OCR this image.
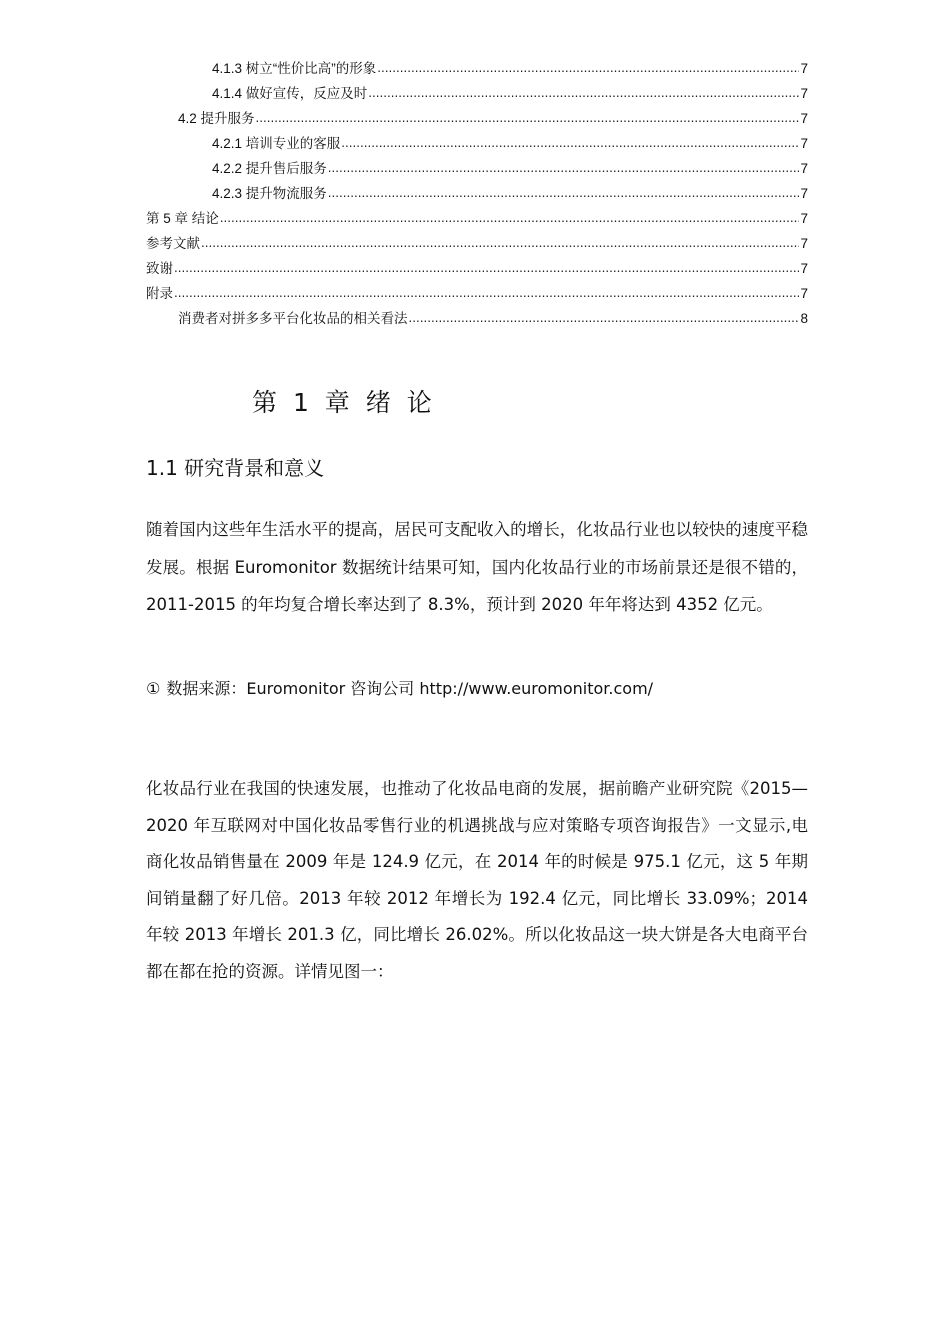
4.1.3 树立“性价比高”的形象 .....	7
4.1.4 做好宣传，反应及时 .....	7
4.2 提升服务 .....	7
4.2.1 培训专业的客服 .....	7
4.2.2 提升售后服务 .....	7
4.2.3 提升物流服务 .....	7
第 5 章 结论 .....	7
参考文献 .....	7
致谢 .....	7
附录 .....	7
消费者对拼多多平台化妆品的相关看法 .....	8
第 1 章 绪 论
1.1 研究背景和意义
随着国内这些年生活水平的提高，居民可支配收入的增长，化妆品行业也以较快的速度平稳发展。根据 Euromonitor 数据统计结果可知，国内化妆品行业的市场前景还是很不错的，2011-2015 的年均复合增长率达到了 8.3%，预计到 2020 年年将达到 4352 亿元。
① 数据来源：Euromonitor 咨询公司 http://www.euromonitor.com/
化妆品行业在我国的快速发展，也推动了化妆品电商的发展，据前瞻产业研究院《2015—2020 年互联网对中国化妆品零售行业的机遇挑战与应对策略专项咨询报告》一文显示,电商化妆品销售量在 2009 年是 124.9 亿元，在 2014 年的时候是 975.1 亿元，这 5 年期间销量翻了好几倍。2013 年较 2012 年增长为 192.4 亿元，同比增长 33.09%；2014 年较 2013 年增长 201.3 亿，同比增长 26.02%。所以化妆品这一块大饼是各大电商平台都在都在抢的资源。详情见图一：
